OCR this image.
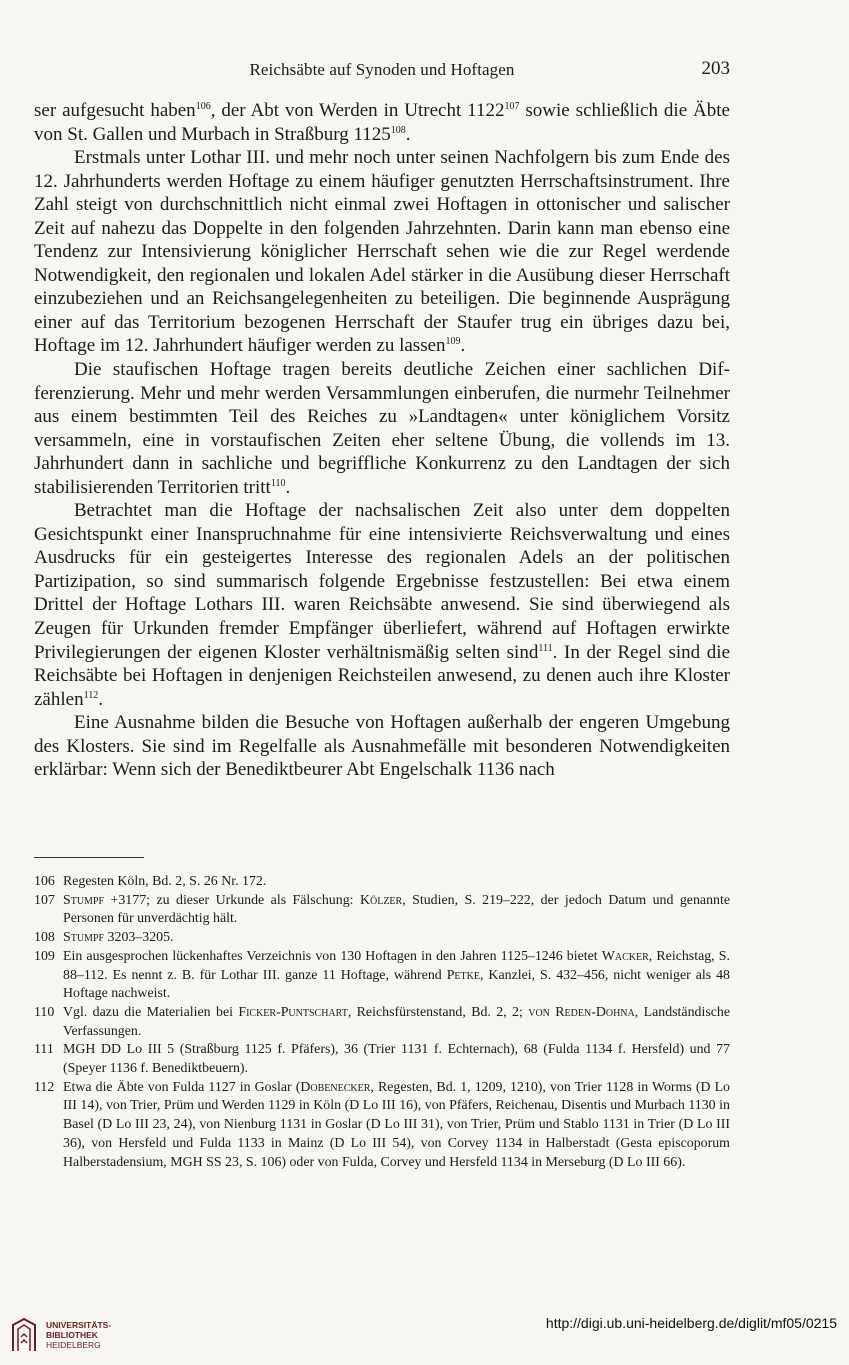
Reichsäbte auf Synoden und Hoftagen	203

ser aufgesucht haben$^{106}$, der Abt von Werden in Utrecht 1122$^{107}$ sowie schließlich die Äbte von St. Gallen und Murbach in Straßburg 1125$^{108}$.

Erstmals unter Lothar III. und mehr noch unter seinen Nachfolgern bis zum Ende des 12. Jahrhunderts werden Hoftage zu einem häufiger genutzten Herrschaftsinstrument. Ihre Zahl steigt von durchschnittlich nicht einmal zwei Hoftagen in ottonischer und salischer Zeit auf nahezu das Doppelte in den folgenden Jahrzehnten. Darin kann man ebenso eine Tendenz zur Intensivierung königlicher Herrschaft sehen wie die zur Regel werdende Notwendigkeit, den regionalen und lokalen Adel stärker in die Ausübung dieser Herrschaft einzubeziehen und an Reichsangelegenheiten zu beteiligen. Die beginnende Ausprägung einer auf das Territorium bezogenen Herrschaft der Staufer trug ein übriges dazu bei, Hoftage im 12. Jahrhundert häufiger werden zu lassen$^{109}$.

Die staufischen Hoftage tragen bereits deutliche Zeichen einer sachlichen Differenzierung. Mehr und mehr werden Versammlungen einberufen, die nurmehr Teilnehmer aus einem bestimmten Teil des Reiches zu »Landtagen« unter königlichem Vorsitz versammeln, eine in vorstaufischen Zeiten eher seltene Übung, die vollends im 13. Jahrhundert dann in sachliche und begriffliche Konkurrenz zu den Landtagen der sich stabilisierenden Territorien tritt$^{110}$.

Betrachtet man die Hoftage der nachsalischen Zeit also unter dem doppelten Gesichtspunkt einer Inanspruchnahme für eine intensivierte Reichsverwaltung und eines Ausdrucks für ein gesteigertes Interesse des regionalen Adels an der politischen Partizipation, so sind summarisch folgende Ergebnisse festzustellen: Bei etwa einem Drittel der Hoftage Lothars III. waren Reichsäbte anwesend. Sie sind überwiegend als Zeugen für Urkunden fremder Empfänger überliefert, während auf Hoftagen erwirkte Privilegierungen der eigenen Kloster verhältnismäßig selten sind$^{111}$. In der Regel sind die Reichsäbte bei Hoftagen in denjenigen Reichsteilen anwesend, zu denen auch ihre Kloster zählen$^{112}$.

Eine Ausnahme bilden die Besuche von Hoftagen außerhalb der engeren Umgebung des Klosters. Sie sind im Regelfalle als Ausnahmefälle mit besonderen Notwendigkeiten erklärbar: Wenn sich der Benediktbeurer Abt Engelschalk 1136 nach

106 Regesten Köln, Bd. 2, S. 26 Nr. 172.
107 Stumpf +3177; zu dieser Urkunde als Fälschung: Kölzer, Studien, S. 219–222, der jedoch Datum und genannte Personen für unverdächtig hält.
108 Stumpf 3203–3205.
109 Ein ausgesprochen lückenhaftes Verzeichnis von 130 Hoftagen in den Jahren 1125–1246 bietet Wacker, Reichstag, S. 88–112. Es nennt z. B. für Lothar III. ganze 11 Hoftage, während Petke, Kanzlei, S. 432–456, nicht weniger als 48 Hoftage nachweist.
110 Vgl. dazu die Materialien bei Ficker-Puntschart, Reichsfürstenstand, Bd. 2, 2; von Reden-Dohna, Landständische Verfassungen.
111 MGH DD Lo III 5 (Straßburg 1125 f. Pfäfers), 36 (Trier 1131 f. Echternach), 68 (Fulda 1134 f. Hersfeld) und 77 (Speyer 1136 f. Benediktbeuern).
112 Etwa die Äbte von Fulda 1127 in Goslar (Dobenecker, Regesten, Bd. 1, 1209, 1210), von Trier 1128 in Worms (D Lo III 14), von Trier, Prüm und Werden 1129 in Köln (D Lo III 16), von Pfäfers, Reichenau, Disentis und Murbach 1130 in Basel (D Lo III 23, 24), von Nienburg 1131 in Goslar (D Lo III 31), von Trier, Prüm und Stablo 1131 in Trier (D Lo III 36), von Hersfeld und Fulda 1133 in Mainz (D Lo III 54), von Corvey 1134 in Halberstadt (Gesta episcoporum Halberstadensium, MGH SS 23, S. 106) oder von Fulda, Corvey und Hersfeld 1134 in Merseburg (D Lo III 66).
UNIVERSITÄTS-
BIBLIOTHEK
HEIDELBERG
http://digi.ub.uni-heidelberg.de/diglit/mf05/0215
